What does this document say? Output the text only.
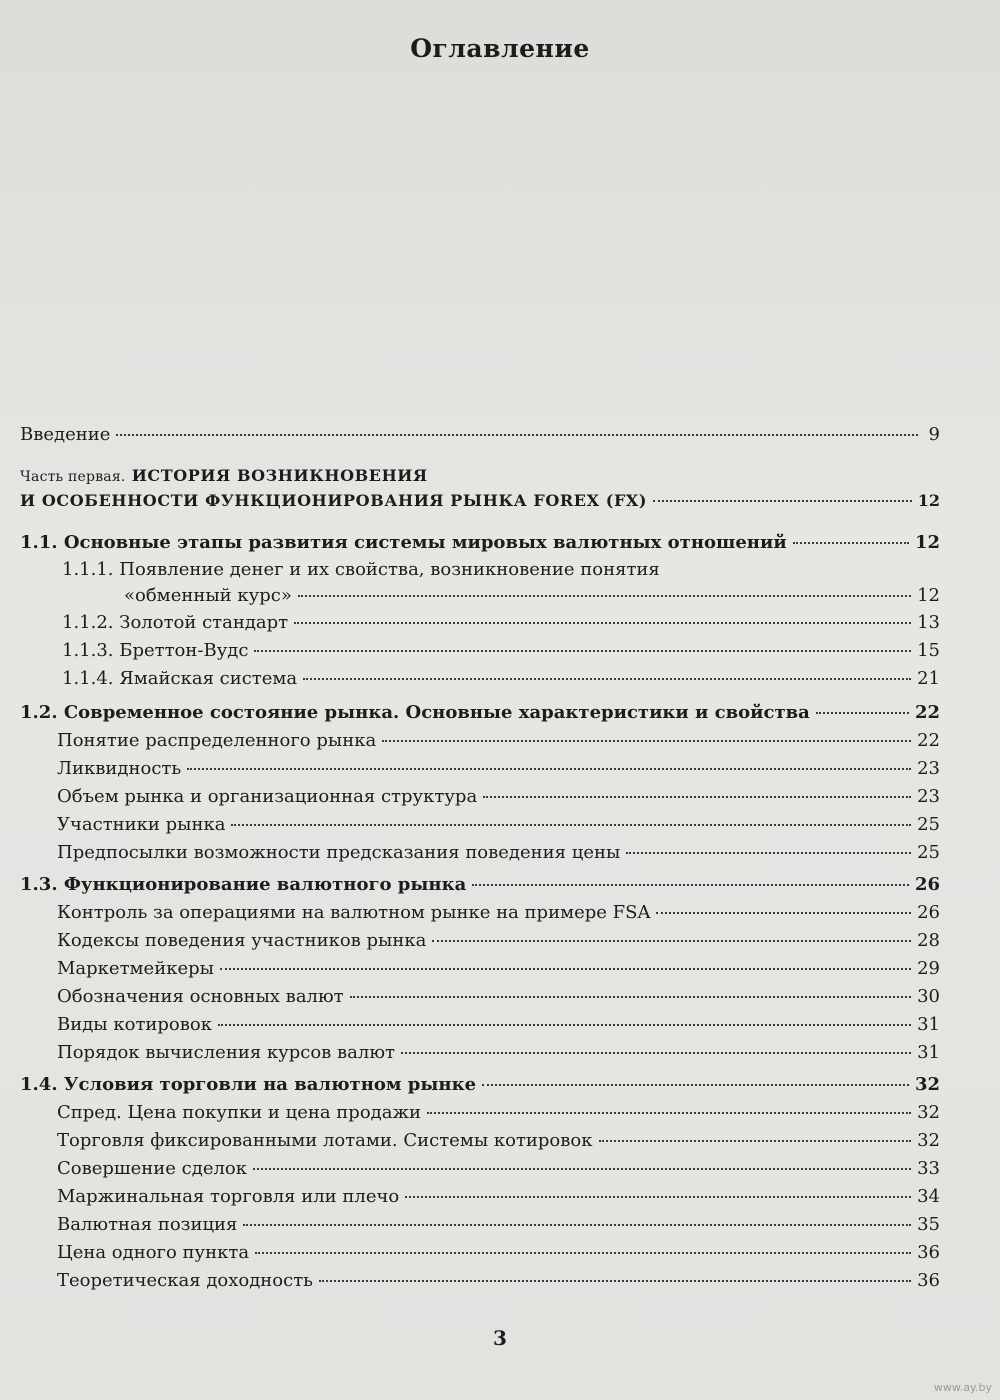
Оглавление
Введение	9
Часть первая. ИСТОРИЯ ВОЗНИКНОВЕНИЯ
И ОСОБЕННОСТИ ФУНКЦИОНИРОВАНИЯ РЫНКА FOREX (FX)	12
1.1. Основные этапы развития системы мировых валютных отношений	12
1.1.1. Появление денег и их свойства, возникновение понятия
«обменный курс»	12
1.1.2. Золотой стандарт	13
1.1.3. Бреттон-Вудс	15
1.1.4. Ямайская система	21
1.2. Современное состояние рынка. Основные характеристики и свойства	22
Понятие распределенного рынка	22
Ликвидность	23
Объем рынка и организационная структура	23
Участники рынка	25
Предпосылки возможности предсказания поведения цены	25
1.3. Функционирование валютного рынка	26
Контроль за операциями на валютном рынке на примере FSA	26
Кодексы поведения участников рынка	28
Маркетмейкеры	29
Обозначения основных валют	30
Виды котировок	31
Порядок вычисления курсов валют	31
1.4. Условия торговли на валютном рынке	32
Спред. Цена покупки и цена продажи	32
Торговля фиксированными лотами. Системы котировок	32
Совершение сделок	33
Маржинальная торговля или плечо	34
Валютная позиция	35
Цена одного пункта	36
Теоретическая доходность	36
3
www.ay.by
